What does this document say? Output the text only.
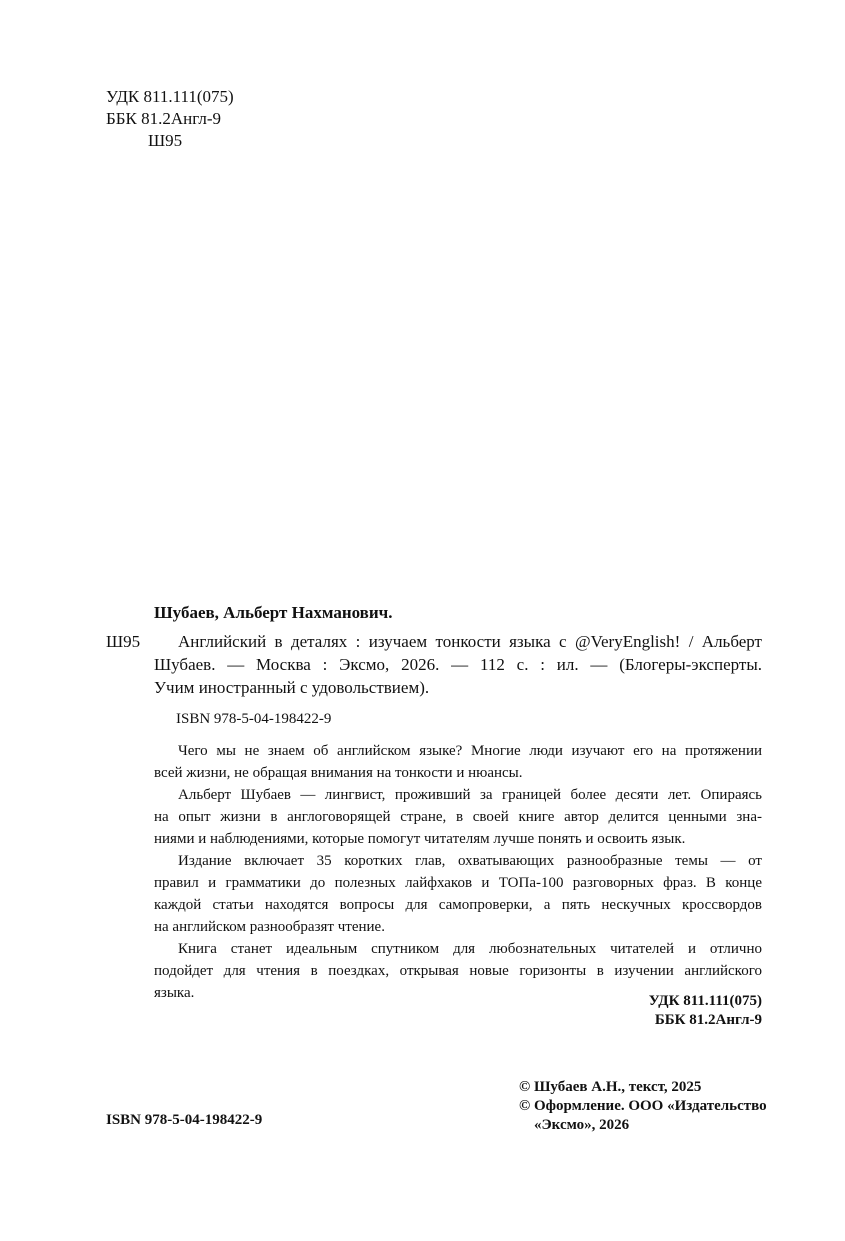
УДК 811.111(075)
ББК 81.2Англ-9
Ш95
Шубаев, Альберт Нахманович.
Ш95 Английский в деталях : изучаем тонкости языка с @VeryEnglish! / Альберт
Шубаев. — Москва : Эксмо, 2026. — 112 с. : ил. — (Блогеры-эксперты.
Учим иностранный с удовольствием).
ISBN 978-5-04-198422-9
Чего мы не знаем об английском языке? Многие люди изучают его на протяжении
всей жизни, не обращая внимания на тонкости и нюансы.
Альберт Шубаев — лингвист, проживший за границей более десяти лет. Опираясь
на опыт жизни в англоговорящей стране, в своей книге автор делится ценными зна-
ниями и наблюдениями, которые помогут читателям лучше понять и освоить язык.
Издание включает 35 коротких глав, охватывающих разнообразные темы — от
правил и грамматики до полезных лайфхаков и ТОПа-100 разговорных фраз. В конце
каждой статьи находятся вопросы для самопроверки, а пять нескучных кроссвордов
на английском разнообразят чтение.
Книга станет идеальным спутником для любознательных читателей и отлично
подойдет для чтения в поездках, открывая новые горизонты в изучении английского
языка.	УДК 811.111(075)
ББК 81.2Англ-9
ISBN 978-5-04-198422-9
© Шубаев А.Н., текст, 2025
© Оформление. ООО «Издательство
«Эксмо», 2026
